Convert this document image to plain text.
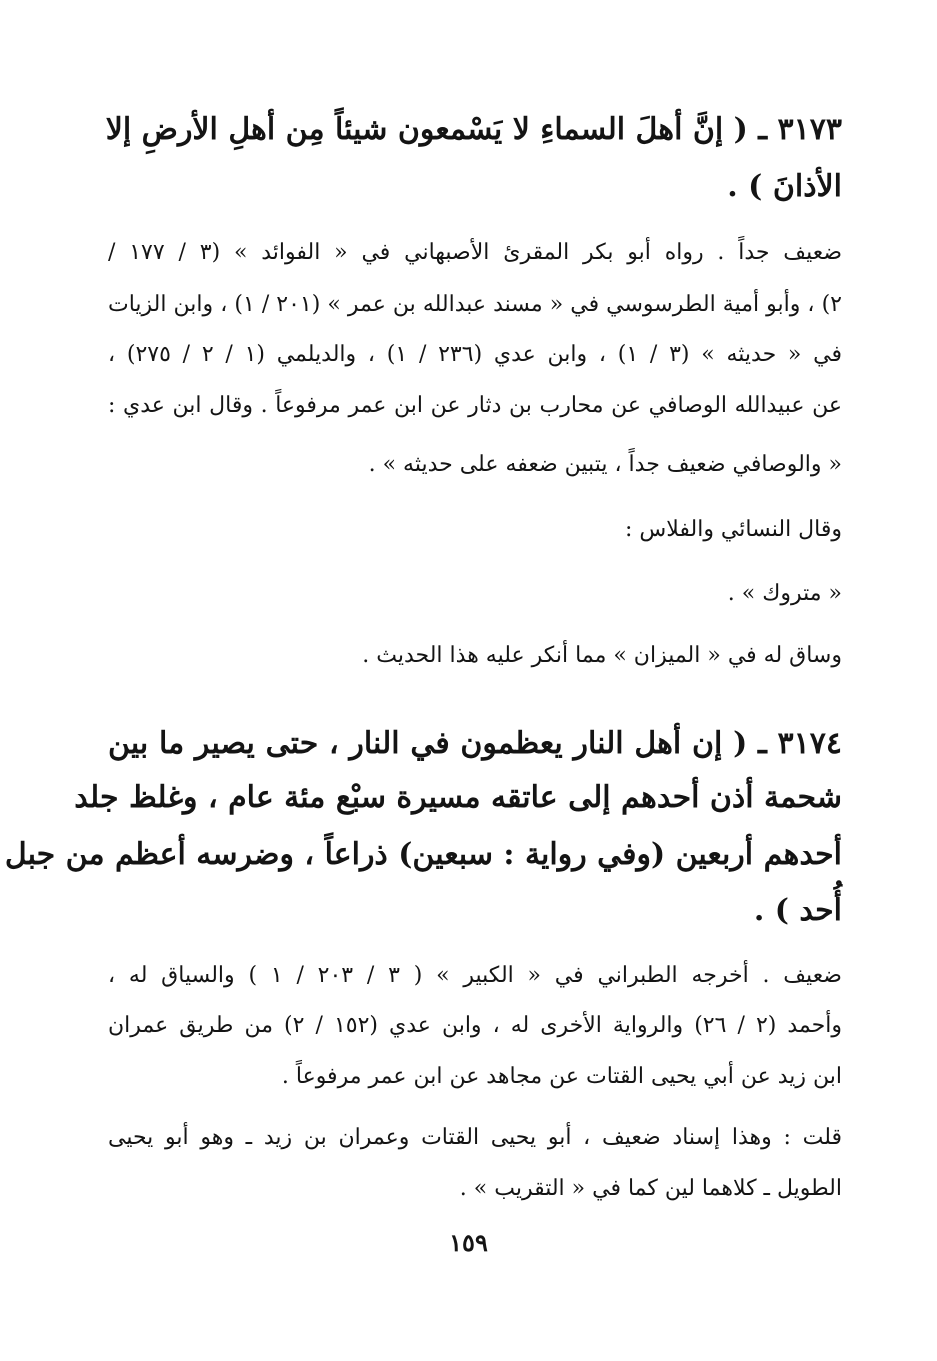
٣١٧٣ ـ ( إنَّ أهلَ السماءِ لا يَسْمعون شيئاً مِن أهلِ الأرضِ إلا

الأذانَ ) .

ضعيف جداً . رواه أبو بكر المقرئ الأصبهاني في « الفوائد » (٣ / ١٧٧ /

٢) ، وأبو أمية الطرسوسي في « مسند عبدالله بن عمر » (٢٠١ / ١) ، وابن الزيات

في « حديثه » (٣ / ١) ، وابن عدي (٢٣٦ / ١) ، والديلمي (١ / ٢ / ٢٧٥) ،

عن عبيدالله الوصافي عن محارب بن دثار عن ابن عمر مرفوعاً . وقال ابن عدي :

« والوصافي ضعيف جداً ، يتبين ضعفه على حديثه » .

وقال النسائي والفلاس :

« متروك » .

وساق له في « الميزان » مما أنكر عليه هذا الحديث .

٣١٧٤ ـ ( إن أهل النار يعظمون في النار ، حتى يصير ما بين

شحمة أذن أحدهم إلى عاتقه مسيرة سبْع مئة عام ، وغلظ جلد

أحدهم أربعين (وفي رواية : سبعين) ذراعاً ، وضرسه أعظم من جبل

أُحد ) .

ضعيف . أخرجه الطبراني في « الكبير » ( ٣ / ٢٠٣ / ١ ) والسياق له ،

وأحمد (٢ / ٢٦) والرواية الأخرى له ، وابن عدي (١٥٢ / ٢) من طريق عمران

ابن زيد عن أبي يحيى القتات عن مجاهد عن ابن عمر مرفوعاً .

قلت : وهذا إسناد ضعيف ، أبو يحيى القتات وعمران بن زيد ـ وهو أبو يحيى

الطويل ـ كلاهما لين كما في « التقريب » .

١٥٩
